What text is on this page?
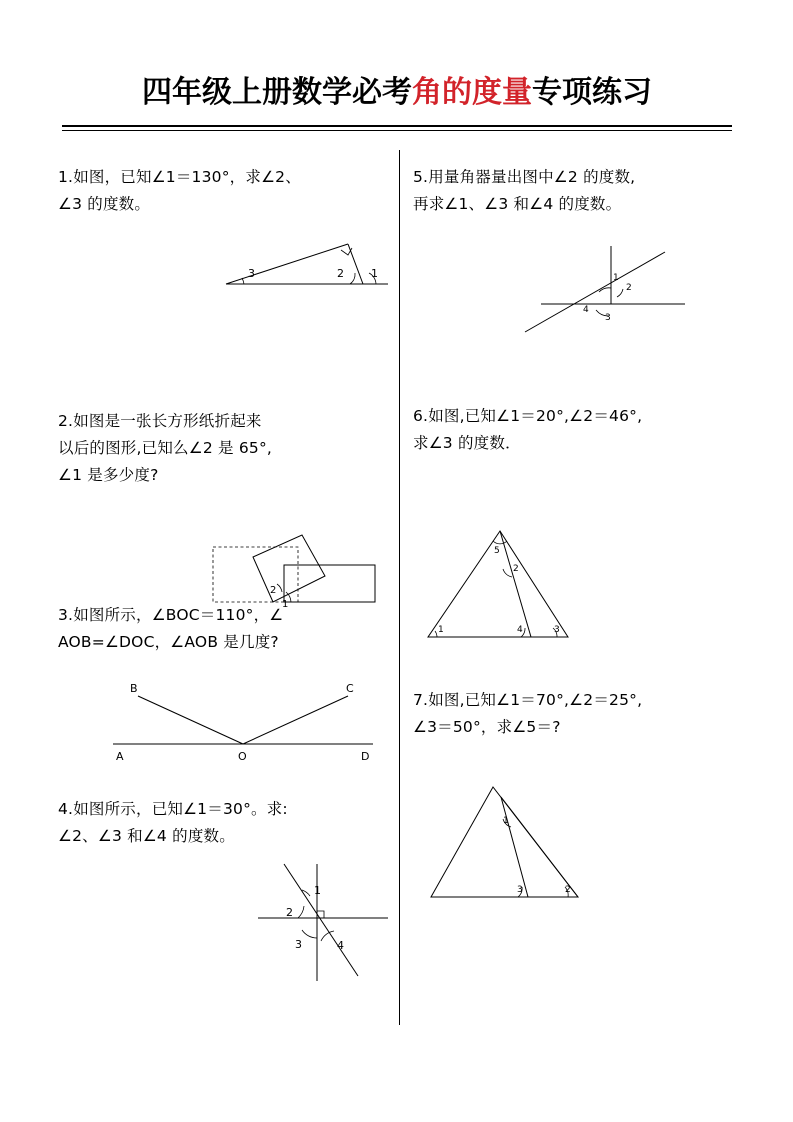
四年级上册数学必考角的度量专项练习
1.如图，已知∠1＝130°，求∠2、
∠3 的度数。
3	2 1
2.如图是一张长方形纸折起来
以后的图形,已知么∠2 是 65°,
∠1 是多少度?
2
1
3.如图所示，∠BOC＝110°，∠
AOB=∠DOC，∠AOB 是几度?
B	C
A	O	D
4.如图所示，已知∠1＝30°。求:
∠2、∠3 和∠4 的度数。
1
2
3	4
5.用量角器量出图中∠2 的度数,
再求∠1、∠3 和∠4 的度数。
1
2
3
4
6.如图,已知∠1＝20°,∠2＝46°,
求∠3 的度数．
5
2
1	4	3
7.如图,已知∠1＝70°,∠2＝25°,
∠3＝50°，求∠5＝?
1
3	2
